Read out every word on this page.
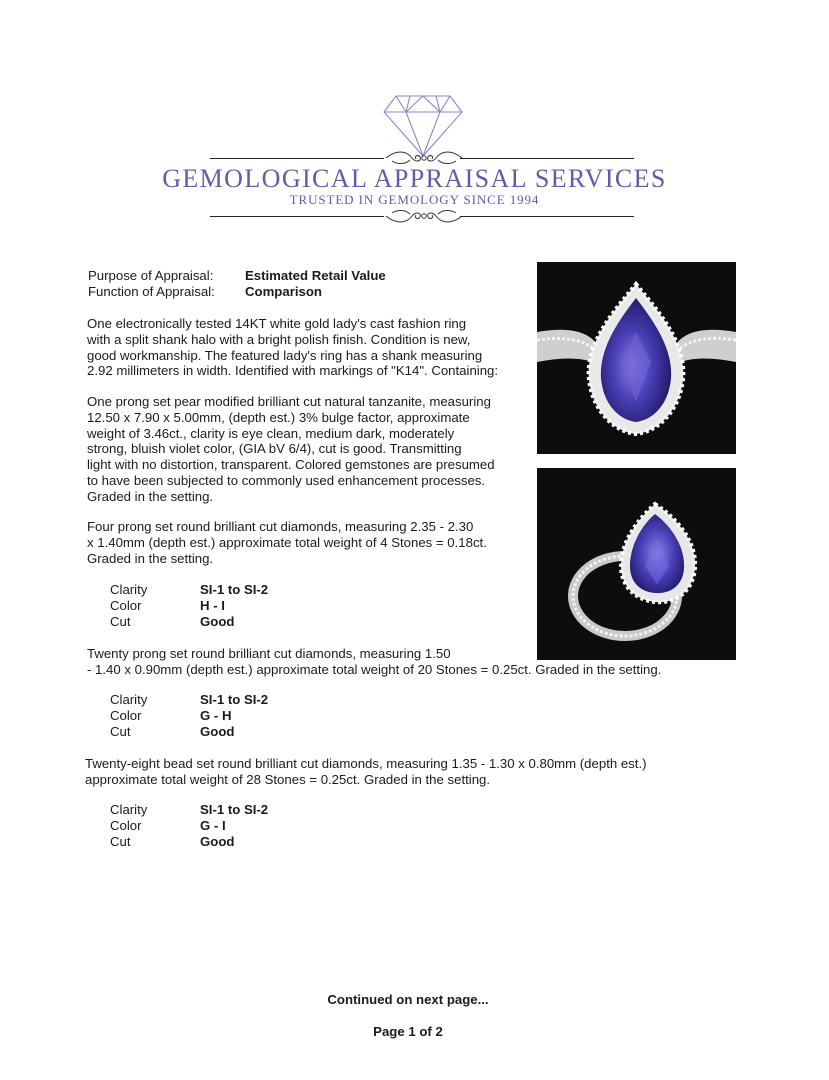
GEMOLOGICAL APPRAISAL SERVICES
TRUSTED IN GEMOLOGY SINCE 1994
Purpose of Appraisal: Estimated Retail Value
Function of Appraisal: Comparison
One electronically tested 14KT white gold lady's cast fashion ring
with a split shank halo with a bright polish finish. Condition is new,
good workmanship. The featured lady's ring has a shank measuring
2.92 millimeters in width. Identified with markings of "K14". Containing:
One prong set pear modified brilliant cut natural tanzanite, measuring
12.50 x 7.90 x 5.00mm, (depth est.) 3% bulge factor, approximate
weight of 3.46ct., clarity is eye clean, medium dark, moderately
strong, bluish violet color, (GIA bV 6/4), cut is good. Transmitting
light with no distortion, transparent. Colored gemstones are presumed
to have been subjected to commonly used enhancement processes.
Graded in the setting.
Four prong set round brilliant cut diamonds, measuring 2.35 - 2.30
x 1.40mm (depth est.) approximate total weight of 4 Stones = 0.18ct.
Graded in the setting.
Clarity	SI-1 to SI-2
Color	H - I
Cut	Good
Twenty prong set round brilliant cut diamonds, measuring 1.50
- 1.40 x 0.90mm (depth est.) approximate total weight of 20 Stones = 0.25ct. Graded in the setting.
Clarity	SI-1 to SI-2
Color	G - H
Cut	Good
Twenty-eight bead set round brilliant cut diamonds, measuring 1.35 - 1.30 x 0.80mm (depth est.)
approximate total weight of 28 Stones = 0.25ct. Graded in the setting.
Clarity	SI-1 to SI-2
Color	G - I
Cut	Good
Continued on next page...
Page 1 of 2
